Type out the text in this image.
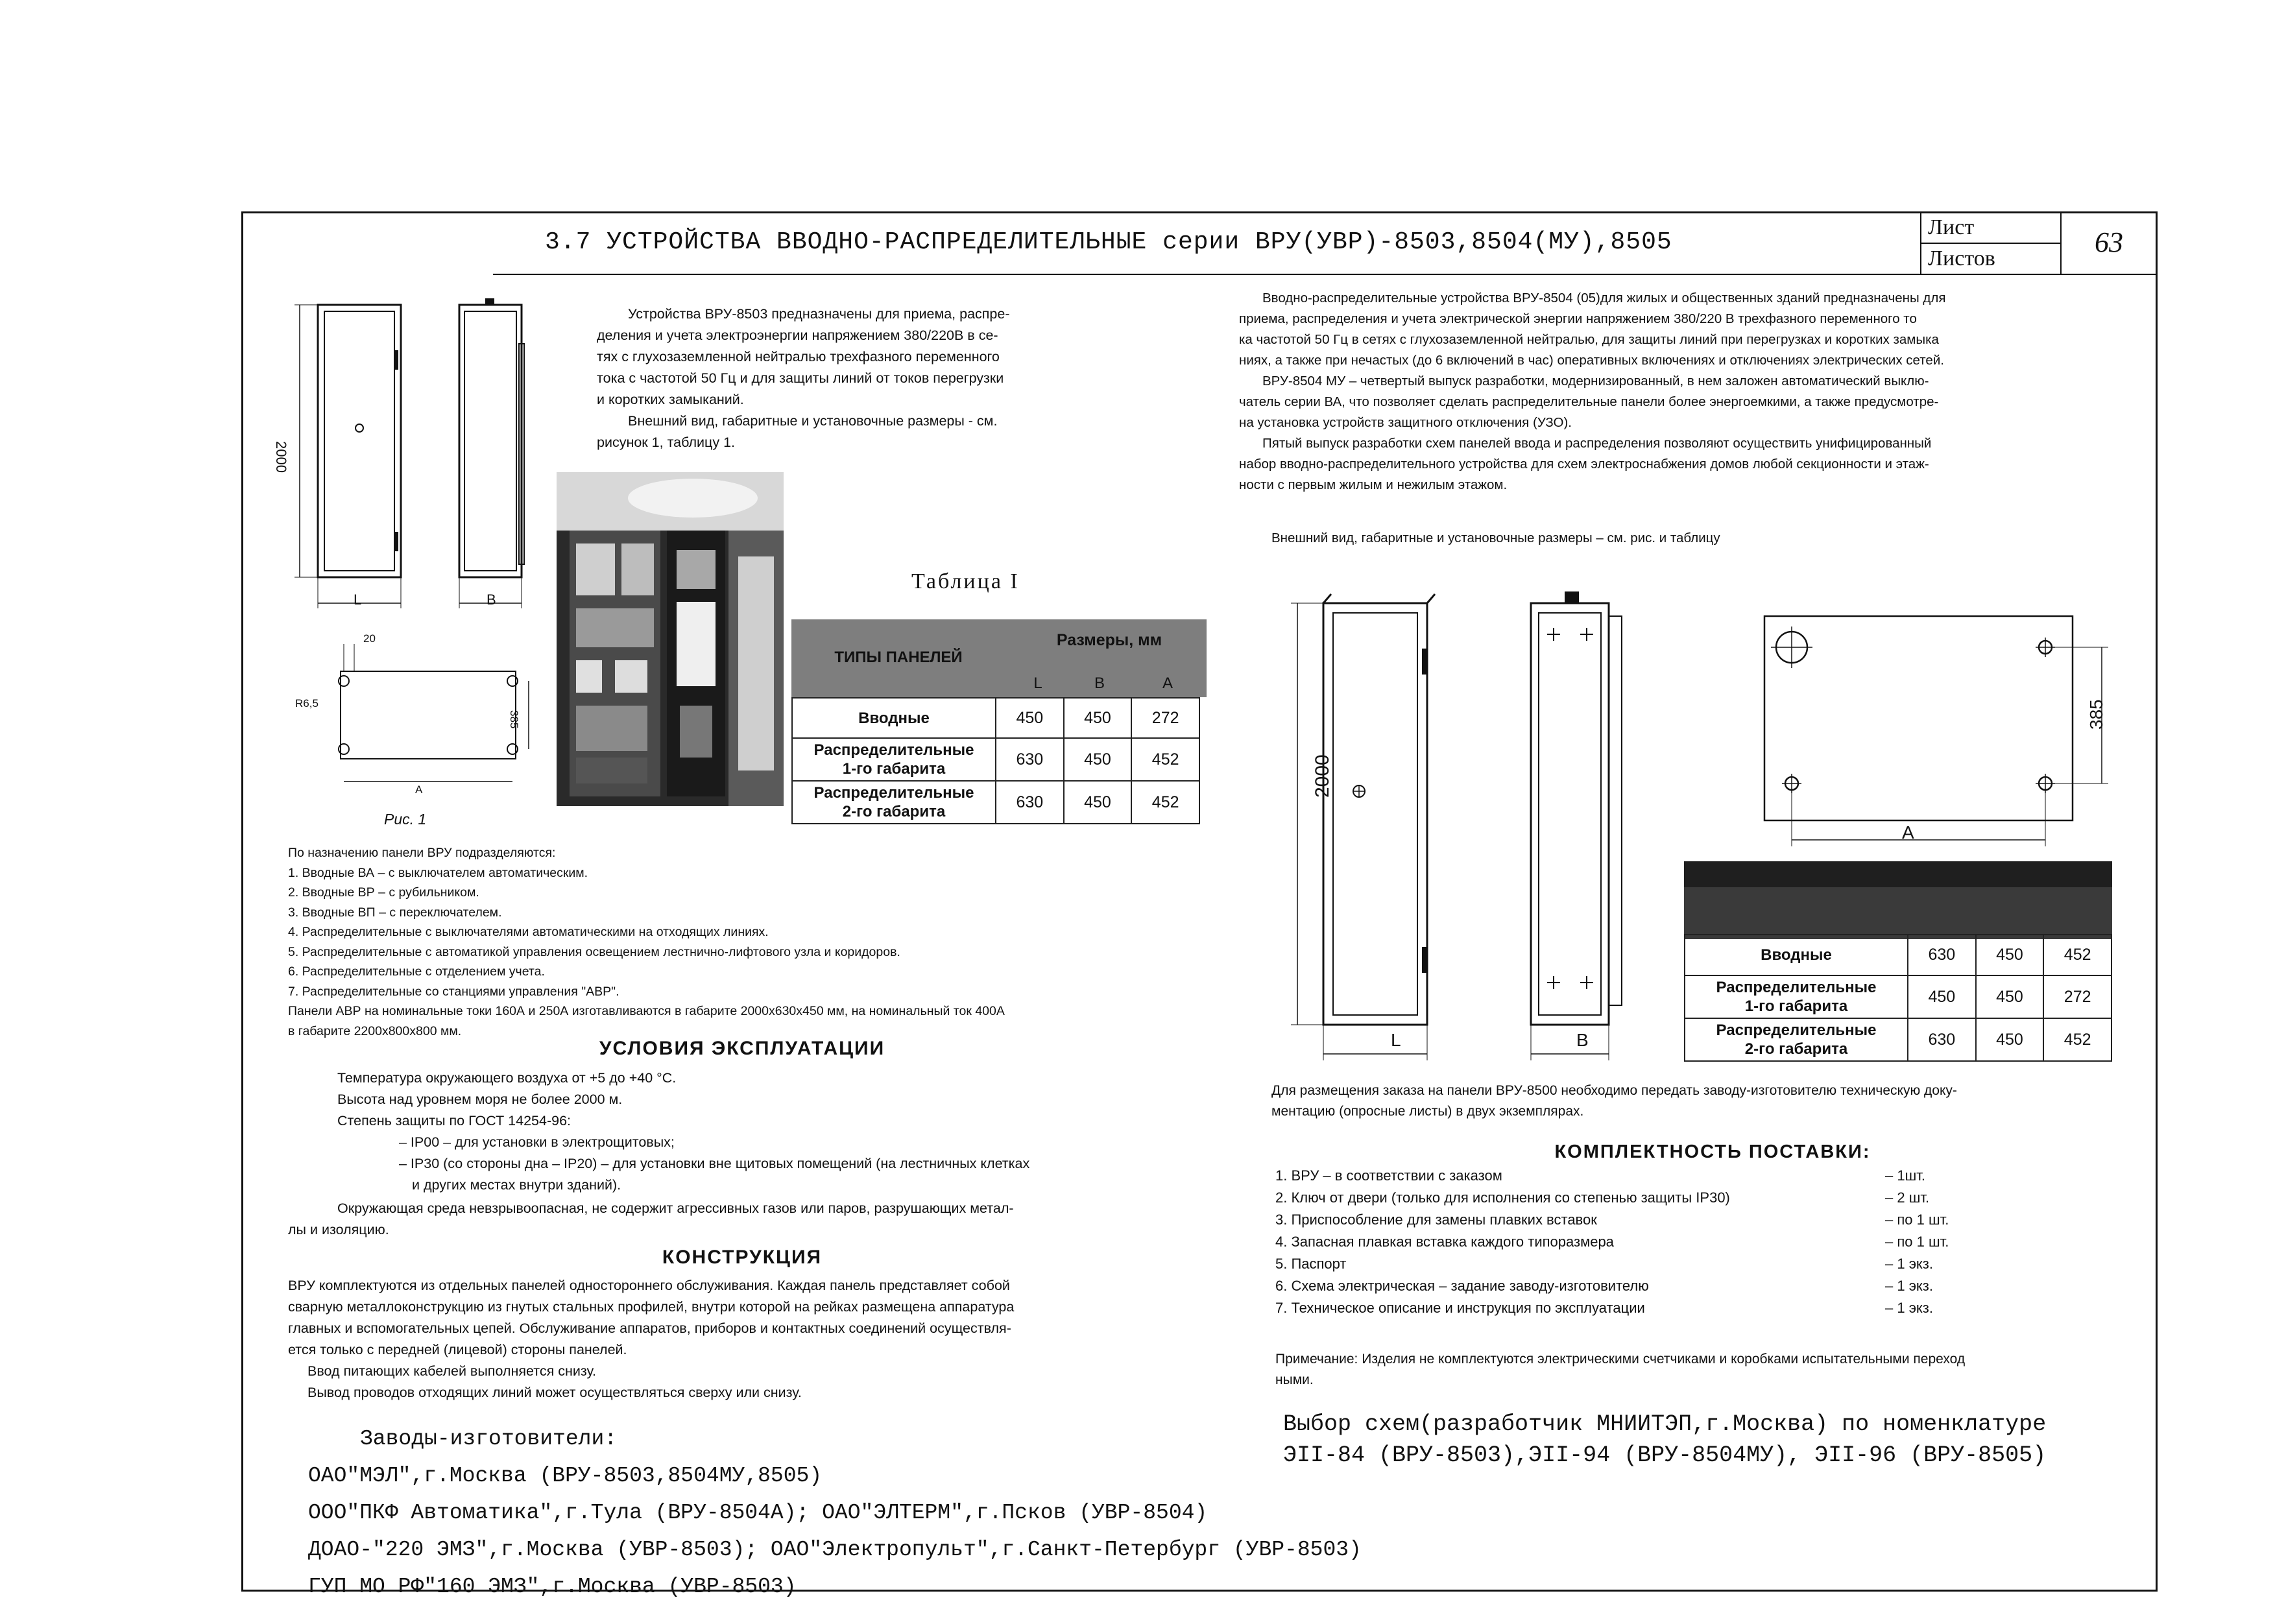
3.7 УСТРОЙСТВА ВВОДНО-РАСПРЕДЕЛИТЕЛЬНЫЕ серии ВРУ(УВР)-8503,8504(МУ),8505
Лист
Листов
63
2000
L	B
20
R6,5
385
A
Рис. 1
Устройства ВРУ-8503 предназначены для приема, распре-
деления и учета электроэнергии напряжением 380/220В в се-
тях с глухозаземленной нейтралью трехфазного переменного
тока с частотой 50 Гц и для защиты линий от токов перегрузки
и коротких замыканий.
Внешний вид, габаритные и установочные размеры - см.
рисунок 1, таблицу 1.
Таблица I
ТИПЫ ПАНЕЛЕЙ
Размеры, мм
L	B	A
Вводные	450	450	272

Распределительные
1-го габарита	630	450	452

Распределительные
2-го габарита	630	450	452
По назначению панели ВРУ подразделяются:
1. Вводные ВА – с выключателем автоматическим.
2. Вводные ВР – с рубильником.
3. Вводные ВП – с переключателем.
4. Распределительные с выключателями автоматическими на отходящих линиях.
5. Распределительные с автоматикой управления освещением лестнично-лифтового узла и коридоров.
6. Распределительные с отделением учета.
7. Распределительные со станциями управления "АВР".
Панели АВР на номинальные токи 160А и 250А изготавливаются в габарите 2000х630х450 мм, на номинальный ток 400А
в габарите 2200х800х800 мм.
УСЛОВИЯ ЭКСПЛУАТАЦИИ
Температура окружающего воздуха от +5 до +40 °С.
Высота над уровнем моря не более 2000 м.
Степень защиты по ГОСТ 14254-96:
– IP00 – для установки в электрощитовых;
– IP30 (со стороны дна – IP20) – для установки вне щитовых помещений (на лестничных клетках
и других местах внутри зданий).
Окружающая среда невзрывоопасная, не содержит агрессивных газов или паров, разрушающих метал-
лы и изоляцию.
КОНСТРУКЦИЯ
ВРУ комплектуются из отдельных панелей одностороннего обслуживания. Каждая панель представляет собой
сварную металлоконструкцию из гнутых стальных профилей, внутри которой на рейках размещена аппаратура
главных и вспомогательных цепей. Обслуживание аппаратов, приборов и контактных соединений осуществля-
ется только с передней (лицевой) стороны панелей.
Ввод питающих кабелей выполняется снизу.
Вывод проводов отходящих линий может осуществляться сверху или снизу.
Заводы-изготовители:
ОАО"МЭЛ",г.Москва (ВРУ-8503,8504МУ,8505)
ООО"ПКФ Автоматика",г.Тула (ВРУ-8504А); ОАО"ЭЛТЕРМ",г.Псков (УВР-8504)
ДОАО-"220 ЭМЗ",г.Москва (УВР-8503); ОАО"Электропульт",г.Санкт-Петербург (УВР-8503)
ГУП МО РФ"160 ЭМЗ",г.Москва (УВР-8503)
Вводно-распределительные устройства ВРУ-8504 (05)для жилых и общественных зданий предназначены для
приема, распределения и учета электрической энергии напряжением 380/220 В трехфазного переменного то
ка частотой 50 Гц в сетях с глухозаземленной нейтралью, для защиты линий при перегрузках и коротких замыка
ниях, а также при нечастых (до 6 включений в час) оперативных включениях и отключениях электрических сетей.
ВРУ-8504 МУ – четвертый выпуск разработки, модернизированный, в нем заложен автоматический выклю-
чатель серии ВА, что позволяет сделать распределительные панели более энергоемкими, а также предусмотре-
на установка устройств защитного отключения (УЗО).
Пятый выпуск разработки схем панелей ввода и распределения позволяют осуществить унифицированный
набор вводно-распределительного устройства для схем электроснабжения домов любой секционности и этаж-
ности с первым жилым и нежилым этажом.
Внешний вид, габаритные и установочные размеры – см. рис. и таблицу
2000
L	B
385
A
Вводные	630	450	452

Распределительные
1-го габарита	450	450	272

Распределительные
2-го габарита	630	450	452
Для размещения заказа на панели ВРУ-8500 необходимо передать заводу-изготовителю техническую доку-
ментацию (опросные листы) в двух экземплярах.
КОМПЛЕКТНОСТЬ ПОСТАВКИ:
1. ВРУ – в соответствии с заказом	– 1шт.
2. Ключ от двери (только для исполнения со степенью защиты IP30)	– 2 шт.
3. Приспособление для замены плавких вставок	– по 1 шт.
4. Запасная плавкая вставка каждого типоразмера	– по 1 шт.
5. Паспорт	– 1 экз.
6. Схема электрическая – задание заводу-изготовителю	– 1 экз.
7. Техническое описание и инструкция по эксплуатации	– 1 экз.
Примечание: Изделия не комплектуются электрическими счетчиками и коробками испытательными переход
ными.
Выбор схем(разработчик МНИИТЭП,г.Москва) по номенклатуре
ЭII-84 (ВРУ-8503),ЭII-94 (ВРУ-8504МУ), ЭII-96 (ВРУ-8505)
